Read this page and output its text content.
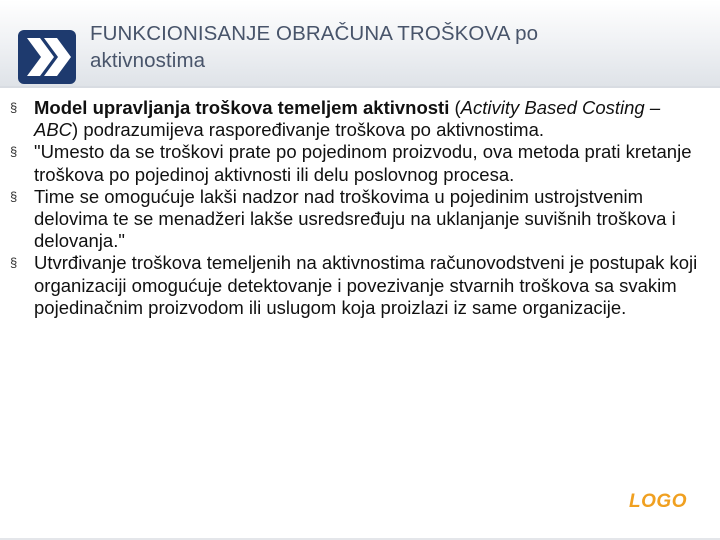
FUNKCIONISANJE OBRAČUNA TROŠKOVA po
aktivnostima

§ Model upravljanja troškova temeljem aktivnosti (Activity Based Costing – ABC) podrazumijeva raspoređivanje troškova po aktivnostima.

§ "Umesto da se troškovi prate po pojedinom proizvodu, ova metoda prati kretanje troškova po pojedinoj aktivnosti ili delu poslovnog procesa.

§ Time se omogućuje lakši nadzor nad troškovima u pojedinim ustrojstvenim delovima te se menadžeri lakše usredsređuju na uklanjanje suvišnih troškova i delovanja."

§ Utvrđivanje troškova temeljenih na aktivnostima računovodstveni je postupak koji organizaciji omogućuje detektovanje i povezivanje stvarnih troškova sa svakim pojedinačnim proizvodom ili uslugom koja proizlazi iz same organizacije.

LOGO
